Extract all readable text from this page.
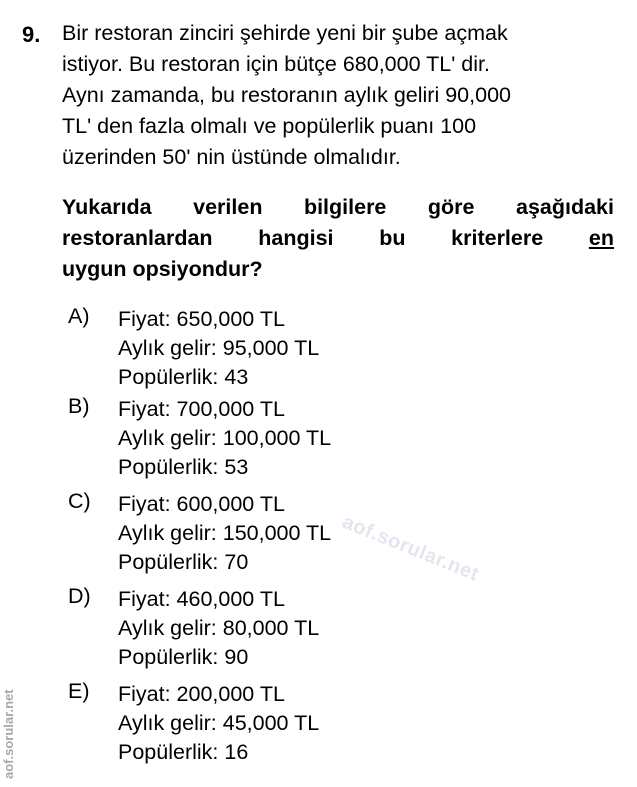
9. Bir restoran zinciri şehirde yeni bir şube açmak
istiyor. Bu restoran için bütçe 680,000 TL' dir.
Aynı zamanda, bu restoranın aylık geliri 90,000
TL' den fazla olmalı ve popülerlik puanı 100
üzerinden 50' nin üstünde olmalıdır.
Yukarıda verilen bilgilere göre aşağıdaki
restoranlardan hangisi bu kriterlere en
uygun opsiyondur?
A) Fiyat: 650,000 TL
Aylık gelir: 95,000 TL
Popülerlik: 43
B) Fiyat: 700,000 TL
Aylık gelir: 100,000 TL
Popülerlik: 53
C) Fiyat: 600,000 TL
Aylık gelir: 150,000 TL
Popülerlik: 70
D) Fiyat: 460,000 TL
Aylık gelir: 80,000 TL
Popülerlik: 90
E) Fiyat: 200,000 TL
Aylık gelir: 45,000 TL
Popülerlik: 16
aof.sorular.net
aof.sorular.net
